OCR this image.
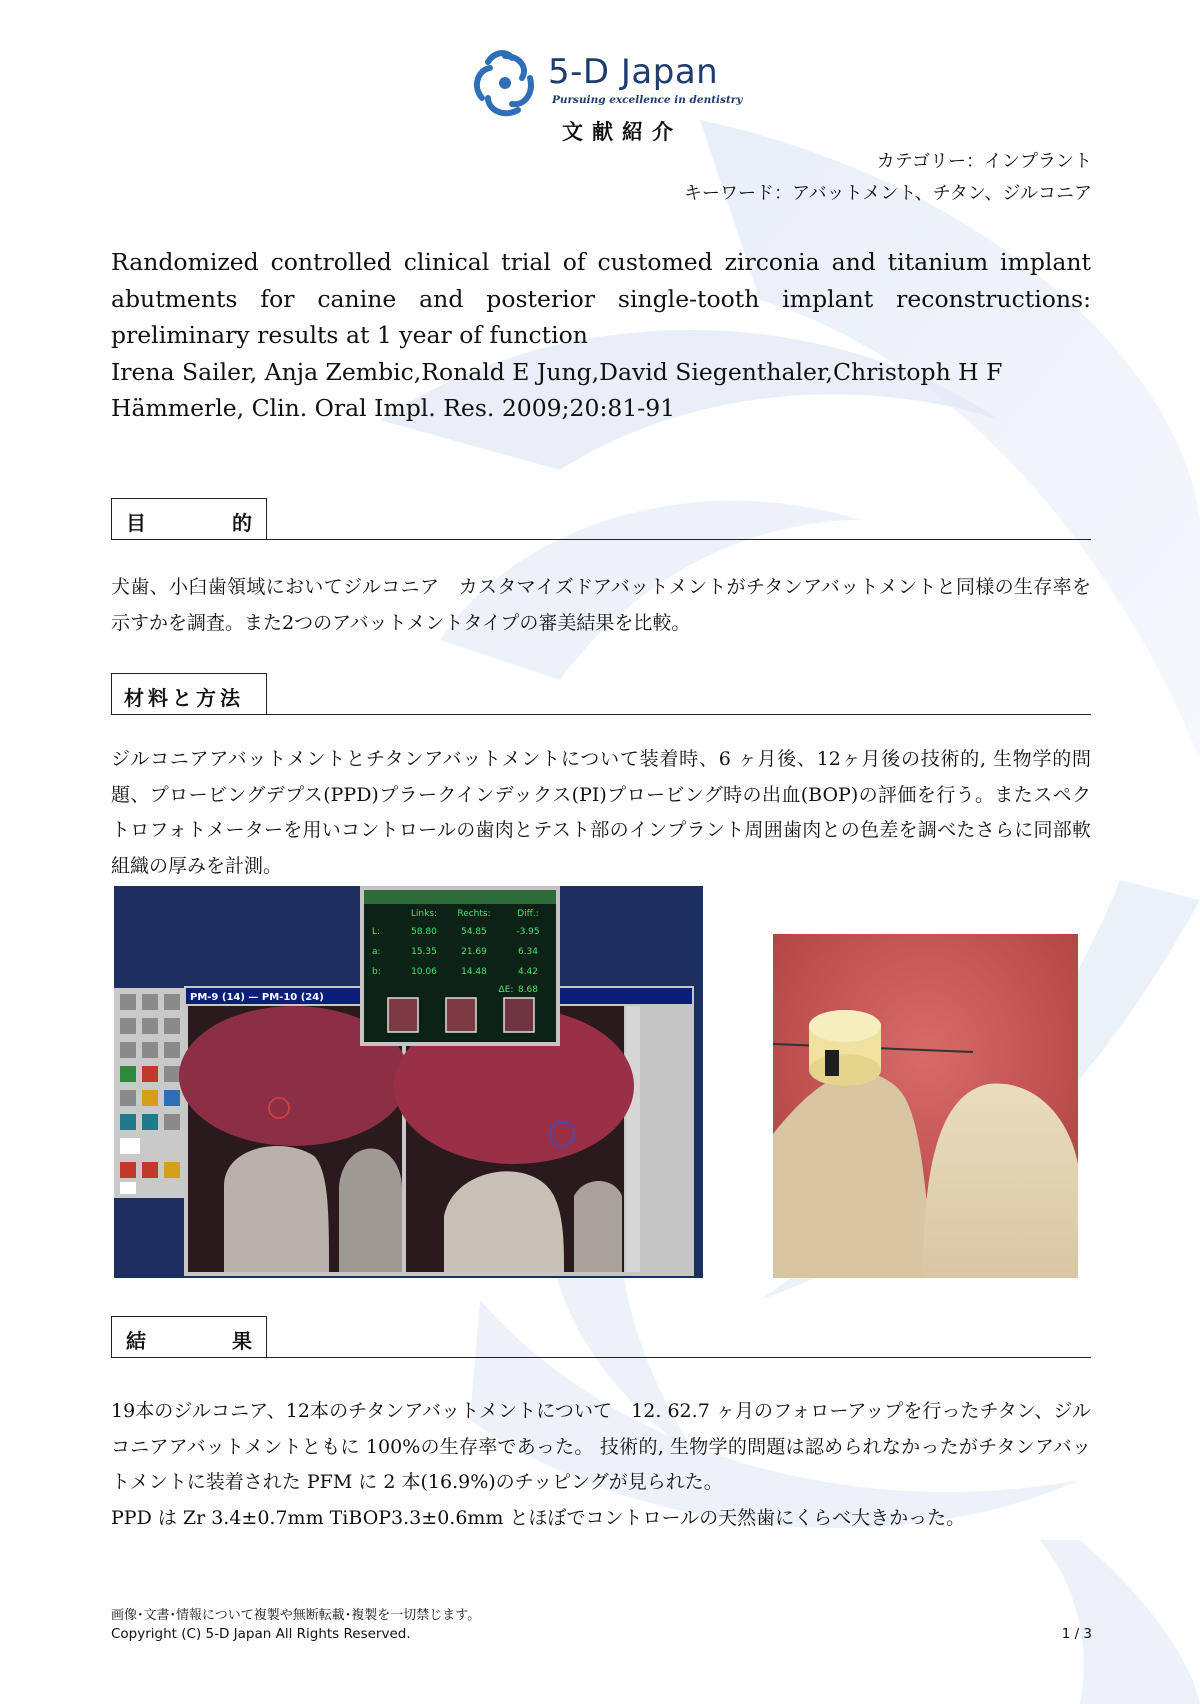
5-D Japan
Pursuing excellence in dentistry
文献紹介
カテゴリー：インプラント
キーワード：アバットメント、チタン、ジルコニア
Randomized controlled clinical trial of customed zirconia and titanium implant
abutments for canine and posterior single-tooth implant reconstructions:
preliminary results at 1 year of function
Irena Sailer, Anja Zembic,Ronald E Jung,David Siegenthaler,Christoph H F
Hämmerle, Clin. Oral Impl. Res. 2009;20:81-91
目	的
犬歯、小臼歯領域においてジルコニア　カスタマイズドアバットメントがチタンアバットメントと同様の生存率を示すかを調査。また2つのアバットメントタイプの審美結果を比較。
材料と方法
ジルコニアアバットメントとチタンアバットメントについて装着時、6 ヶ月後、12ヶ月後の技術的, 生物学的問題、プロービングデプス(PPD)プラークインデックス(PI)プロービング時の出血(BOP)の評価を行う。またスペクトロフォトメーターを用いコントロールの歯肉とテスト部のインプラント周囲歯肉との色差を調べたさらに同部軟組織の厚みを計測。
Links: Rechts:	Diff.:
L:	58.80	54.85	-3.95
a:	15.35	21.69	6.34
b:	10.06	14.48	4.42
ΔE: 8.68
PM-9 (14) — PM-10 (24)
結	果
19本のジルコニア、12本のチタンアバットメントについて　12. 62.7 ヶ月のフォローアップを行ったチタン、ジルコニアアバットメントともに 100%の生存率であった。 技術的, 生物学的問題は認められなかったがチタンアバットメントに装着された PFM に 2 本(16.9%)のチッピングが見られた。
PPD は Zr 3.4±0.7mm TiBOP3.3±0.6mm とほぼでコントロールの天然歯にくらべ大きかった。
画像･文書･情報について複製や無断転載･複製を一切禁じます。
Copyright (C) 5-D Japan All Rights Reserved.	1 / 3
